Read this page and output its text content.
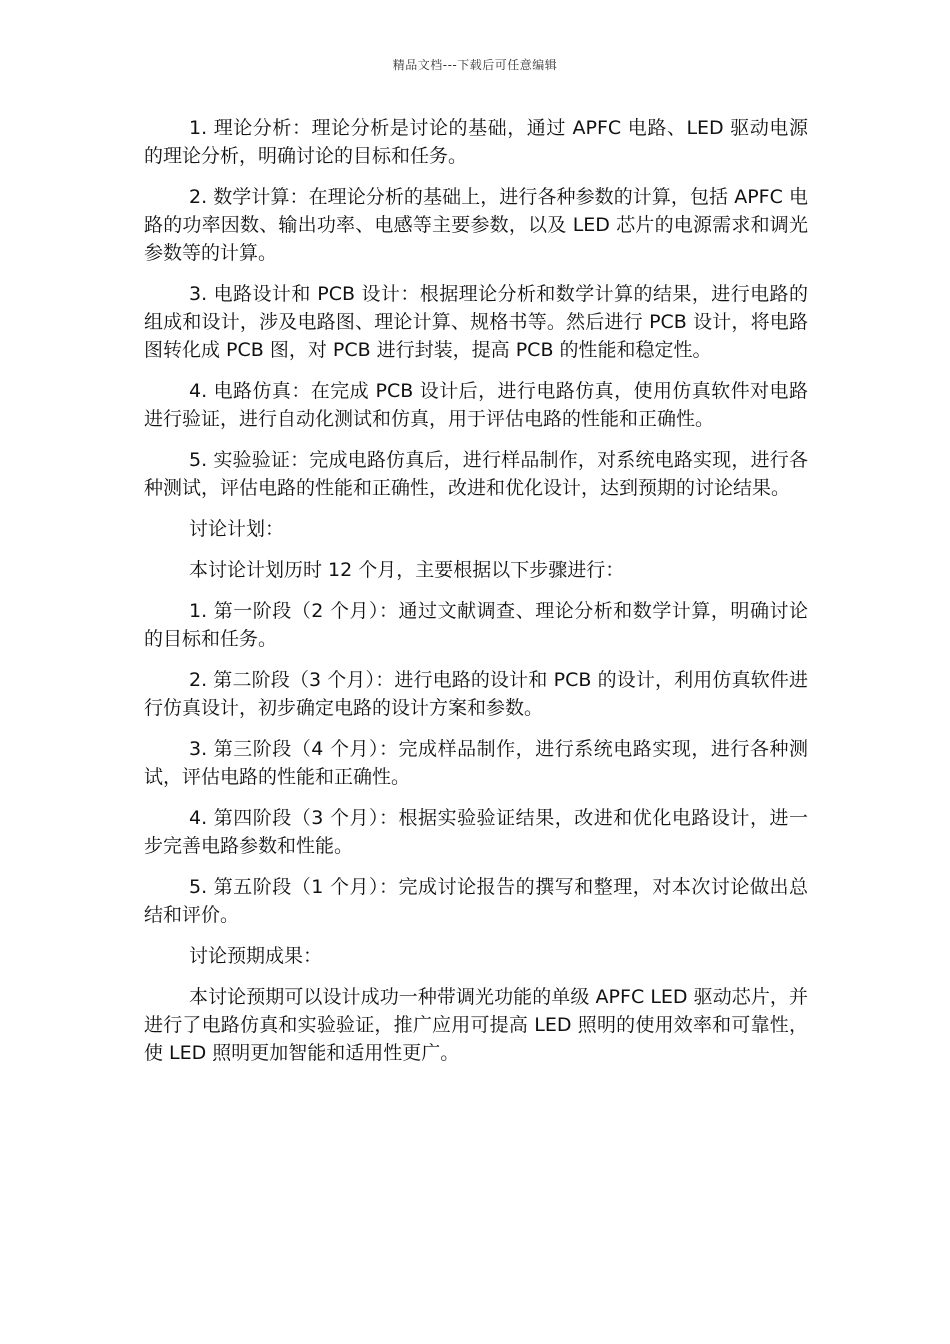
精品文档---下载后可任意编辑

1. 理论分析：理论分析是讨论的基础，通过 APFC 电路、LED 驱动电源的理论分析，明确讨论的目标和任务。

2. 数学计算：在理论分析的基础上，进行各种参数的计算，包括 APFC 电路的功率因数、输出功率、电感等主要参数，以及 LED 芯片的电源需求和调光参数等的计算。

3. 电路设计和 PCB 设计：根据理论分析和数学计算的结果，进行电路的组成和设计，涉及电路图、理论计算、规格书等。然后进行 PCB 设计，将电路图转化成 PCB 图，对 PCB 进行封装，提高 PCB 的性能和稳定性。

4. 电路仿真：在完成 PCB 设计后，进行电路仿真，使用仿真软件对电路进行验证，进行自动化测试和仿真，用于评估电路的性能和正确性。

5. 实验验证：完成电路仿真后，进行样品制作，对系统电路实现，进行各种测试，评估电路的性能和正确性，改进和优化设计，达到预期的讨论结果。

讨论计划：

本讨论计划历时 12 个月，主要根据以下步骤进行：

1. 第一阶段（2 个月）：通过文献调查、理论分析和数学计算，明确讨论的目标和任务。

2. 第二阶段（3 个月）：进行电路的设计和 PCB 的设计，利用仿真软件进行仿真设计，初步确定电路的设计方案和参数。

3. 第三阶段（4 个月）：完成样品制作，进行系统电路实现，进行各种测试，评估电路的性能和正确性。

4. 第四阶段（3 个月）：根据实验验证结果，改进和优化电路设计，进一步完善电路参数和性能。

5. 第五阶段（1 个月）：完成讨论报告的撰写和整理，对本次讨论做出总结和评价。

讨论预期成果：

本讨论预期可以设计成功一种带调光功能的单级 APFC LED 驱动芯片，并进行了电路仿真和实验验证，推广应用可提高 LED 照明的使用效率和可靠性，使 LED 照明更加智能和适用性更广。
